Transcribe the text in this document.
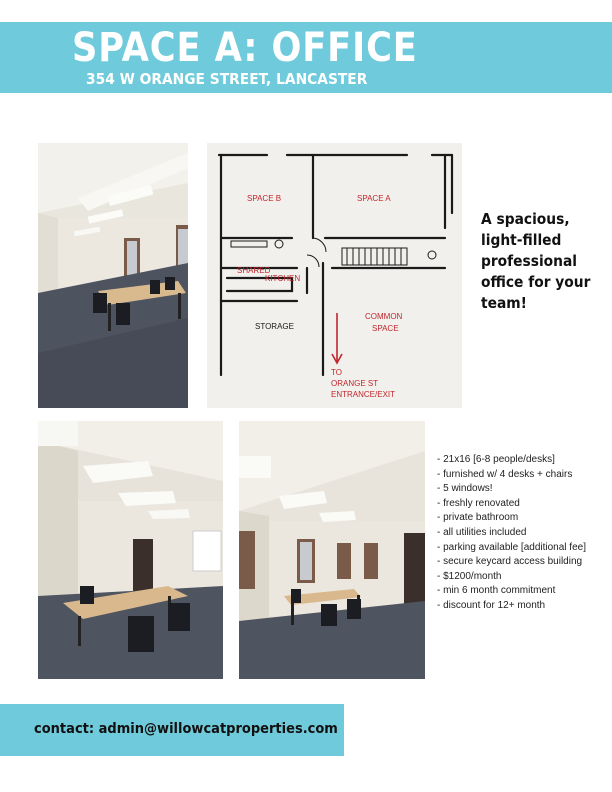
SPACE A: OFFICE

354 W ORANGE STREET, LANCASTER

SPACE B	SPACE A
SHARED
KITCHEN
STORAGE
COMMON
SPACE
TO
ORANGE ST
ENTRANCE/EXIT

A spacious, light-filled professional office for your team!

- 21x16 [6-8 people/desks]
- furnished w/ 4 desks + chairs
- 5 windows!
- freshly renovated
- private bathroom
- all utilities included
- parking available [additional fee]
- secure keycard access building
- $1200/month
- min 6 month commitment
- discount for 12+ month

contact: admin@willowcatproperties.com
